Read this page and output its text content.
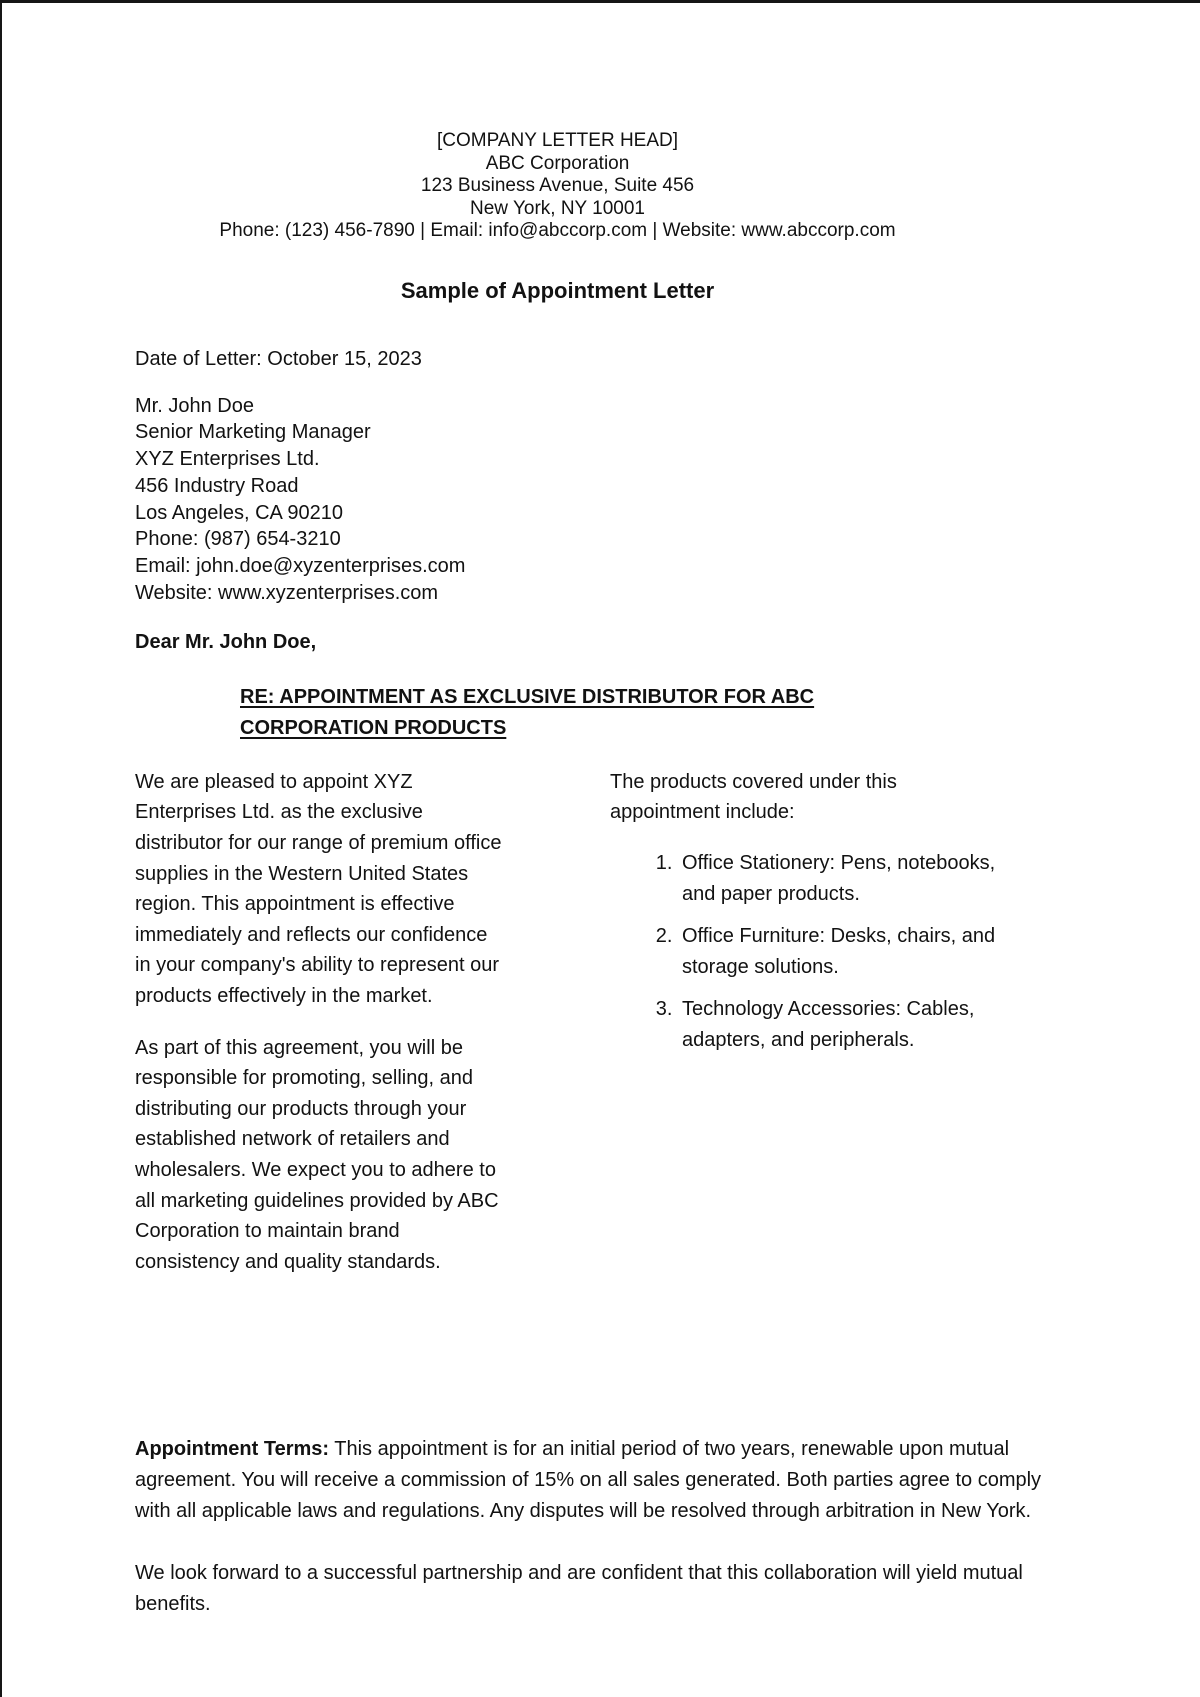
[COMPANY LETTER HEAD]
ABC Corporation
123 Business Avenue, Suite 456
New York, NY 10001
Phone: (123) 456-7890 | Email: info@abccorp.com | Website: www.abccorp.com
Sample of Appointment Letter
Date of Letter: October 15, 2023
Mr. John Doe
Senior Marketing Manager
XYZ Enterprises Ltd.
456 Industry Road
Los Angeles, CA 90210
Phone: (987) 654-3210
Email: john.doe@xyzenterprises.com
Website: www.xyzenterprises.com
Dear Mr. John Doe,
RE: APPOINTMENT AS EXCLUSIVE DISTRIBUTOR FOR ABC
CORPORATION PRODUCTS

We are pleased to appoint XYZ Enterprises Ltd. as the exclusive distributor for our range of premium office supplies in the Western United States region. This appointment is effective immediately and reflects our confidence in your company's ability to represent our products effectively in the market.

As part of this agreement, you will be responsible for promoting, selling, and distributing our products through your established network of retailers and wholesalers. We expect you to adhere to all marketing guidelines provided by ABC Corporation to maintain brand consistency and quality standards.

The products covered under this appointment include:

1. Office Stationery: Pens, notebooks, and paper products.
2. Office Furniture: Desks, chairs, and storage solutions.
3. Technology Accessories: Cables, adapters, and peripherals.

Appointment Terms: This appointment is for an initial period of two years, renewable upon mutual agreement. You will receive a commission of 15% on all sales generated. Both parties agree to comply with all applicable laws and regulations. Any disputes will be resolved through arbitration in New York.

We look forward to a successful partnership and are confident that this collaboration will yield mutual benefits.
